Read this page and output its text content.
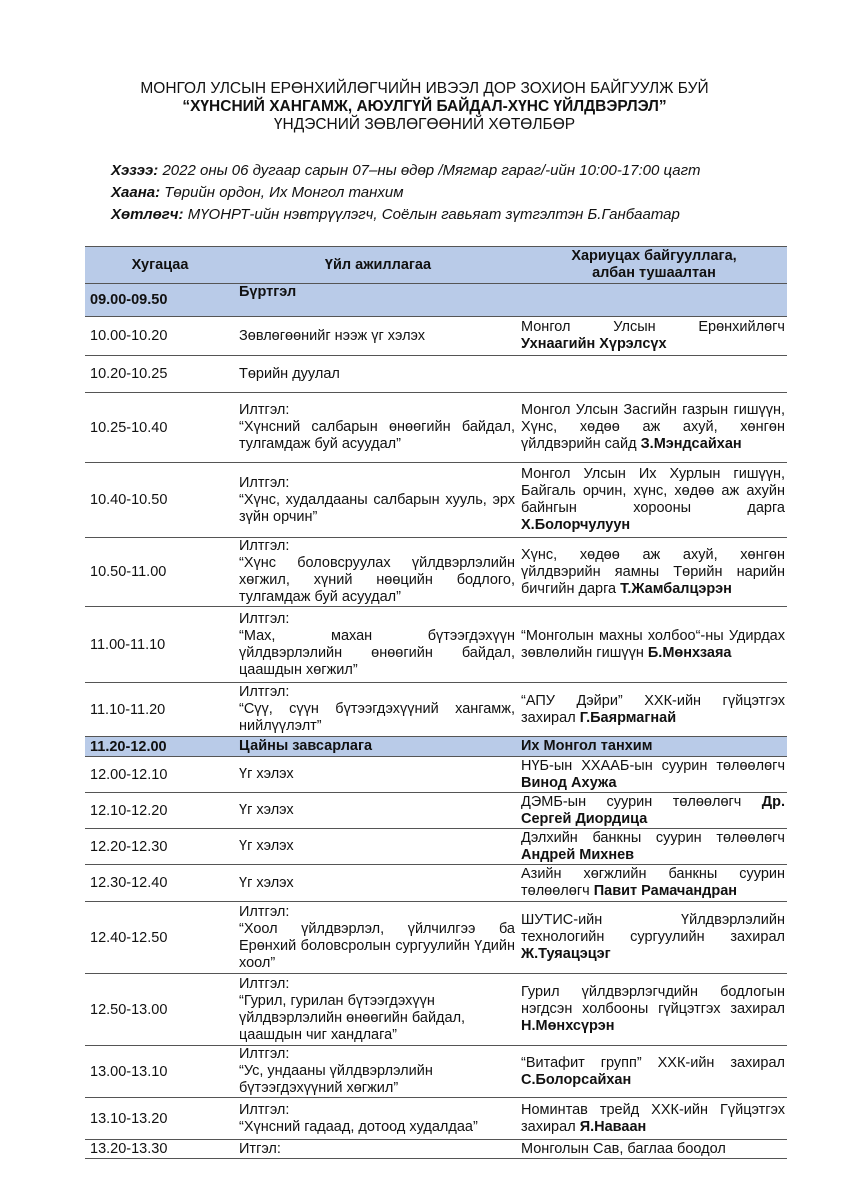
МОНГОЛ УЛСЫН ЕРӨНХИЙЛӨГЧИЙН ИВЭЭЛ ДОР ЗОХИОН БАЙГУУЛЖ БУЙ
“ХҮНСНИЙ ХАНГАМЖ, АЮУЛГҮЙ БАЙДАЛ-ХҮНС ҮЙЛДВЭРЛЭЛ”
ҮНДЭСНИЙ ЗӨВЛӨГӨӨНИЙ ХӨТӨЛБӨР
Хэзээ: 2022 оны 06 дугаар сарын 07–ны өдөр /Мягмар гараг/-ийн 10:00-17:00 цагт
Хаана: Төрийн ордон, Их Монгол танхим
Хөтлөгч: МҮОНРТ-ийн нэвтрүүлэгч, Соёлын гавьяат зүтгэлтэн Б.Ганбаатар
Хугацаа	Үйл ажиллагаа	Хариуцах байгууллага,
албан тушаалтан

09.00-09.50	Бүртгэл	

10.00-10.20	Зөвлөгөөнийг нээж үг хэлэх	Монгол Улсын Ерөнхийлөгч Ухнаагийн Хүрэлсүх

10.20-10.25	Төрийн дуулал	

10.25-10.40	Илтгэл:
“Хүнсний салбарын өнөөгийн байдал, тулгамдаж буй асуудал”	Монгол Улсын Засгийн газрын гишүүн, Хүнс, хөдөө аж ахуй, хөнгөн үйлдвэрийн сайд З.Мэндсайхан

10.40-10.50	Илтгэл:
“Хүнс, худалдааны салбарын хууль, эрх зүйн орчин”	Монгол Улсын Их Хурлын гишүүн, Байгаль орчин, хүнс, хөдөө аж ахуйн байнгын хорооны дарга Х.Болорчулуун

10.50-11.00	Илтгэл:
“Хүнс боловсруулах үйлдвэрлэлийн хөгжил, хүний нөөцийн бодлого, тулгамдаж буй асуудал”	Хүнс, хөдөө аж ахуй, хөнгөн үйлдвэрийн яамны Төрийн нарийн бичгийн дарга Т.Жамбалцэрэн

11.00-11.10	Илтгэл:
“Мах, махан бүтээгдэхүүн үйлдвэрлэлийн өнөөгийн байдал, цаашдын хөгжил”	“Монголын махны холбоо“-ны Удирдах зөвлөлийн гишүүн Б.Мөнхзаяа

11.10-11.20	Илтгэл:
“Сүү, сүүн бүтээгдэхүүний хангамж, нийлүүлэлт”	“АПУ Дэйри” ХХК-ийн гүйцэтгэх захирал Г.Баярмагнай

11.20-12.00	Цайны завсарлага	Их Монгол танхим

12.00-12.10	Үг хэлэх	НҮБ-ын ХХААБ-ын суурин төлөөлөгч Винод Ахужа

12.10-12.20	Үг хэлэх	ДЭМБ-ын суурин төлөөлөгч Др. Сергей Диордица

12.20-12.30	Үг хэлэх	Дэлхийн банкны суурин төлөөлөгч Андрей Михнев

12.30-12.40	Үг хэлэх	Азийн хөгжлийн банкны суурин төлөөлөгч Павит Рамачандран

12.40-12.50	Илтгэл:
“Хоол үйлдвэрлэл, үйлчилгээ ба Ерөнхий боловсролын сургуулийн Үдийн хоол”	ШУТИС-ийн Үйлдвэрлэлийн технологийн сургуулийн захирал Ж.Туяацэцэг

12.50-13.00	Илтгэл:
“Гурил, гурилан бүтээгдэхүүн
үйлдвэрлэлийн өнөөгийн байдал,
цаашдын чиг хандлага”	Гурил үйлдвэрлэгчдийн бодлогын нэгдсэн холбооны гүйцэтгэх захирал Н.Мөнхсүрэн

13.00-13.10	Илтгэл:
“Ус, ундааны үйлдвэрлэлийн
бүтээгдэхүүний хөгжил”	“Витафит групп” ХХК-ийн захирал С.Болорсайхан

13.10-13.20	Илтгэл:
“Хүнсний гадаад, дотоод худалдаа”	Номинтав трейд ХХК-ийн Гүйцэтгэх захирал Я.Наваан

13.20-13.30	Итгэл:	Монголын Сав, баглаа боодол
